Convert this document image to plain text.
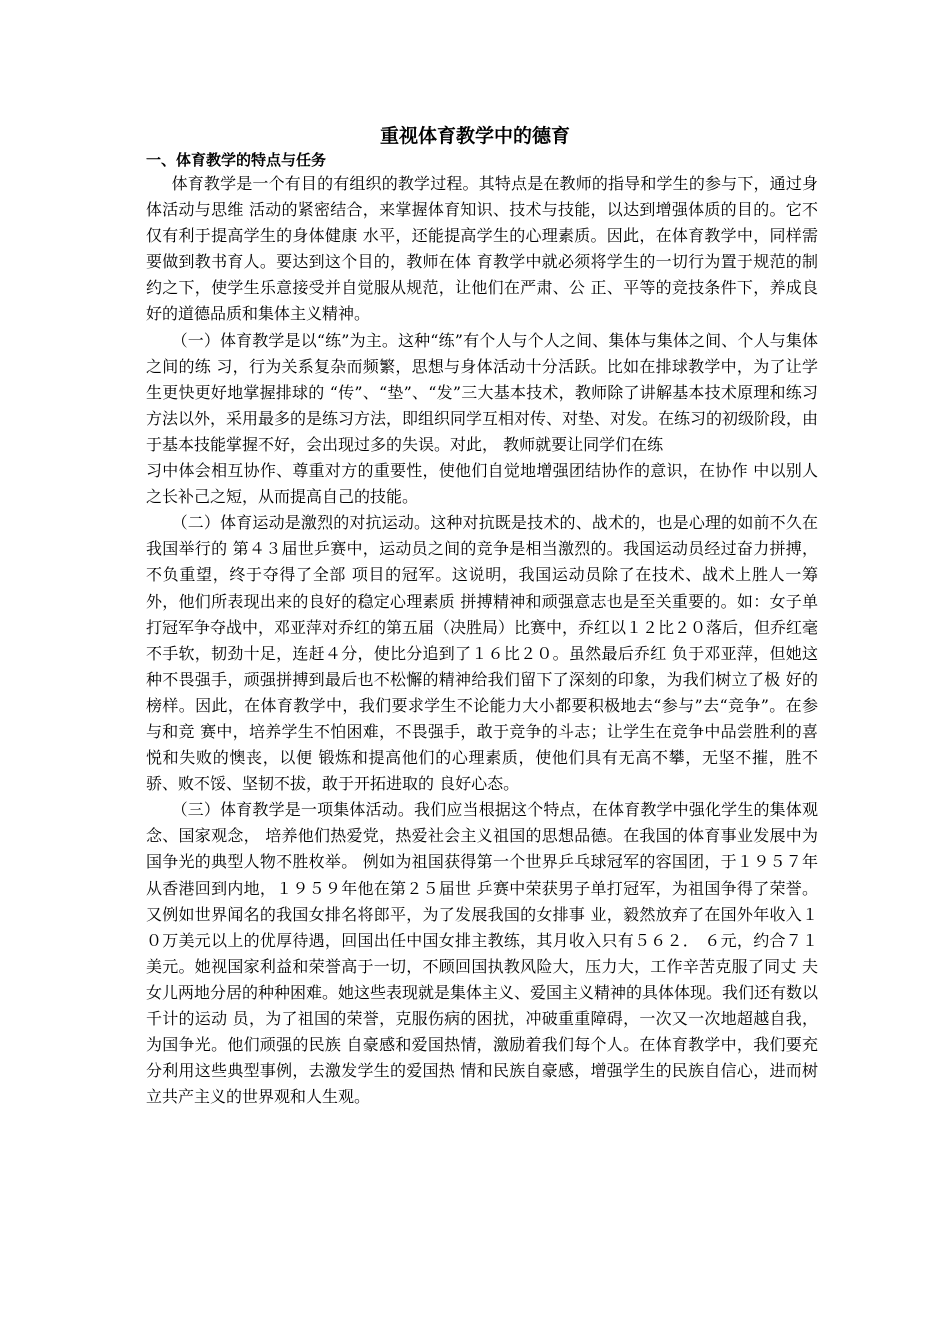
重视体育教学中的德育
一、体育教学的特点与任务

体育教学是一个有目的有组织的教学过程。其特点是在教师的指导和学生的参与下，通过身体活动与思维 活动的紧密结合，来掌握体育知识、技术与技能，以达到增强体质的目的。它不仅有利于提高学生的身体健康 水平，还能提高学生的心理素质。因此，在体育教学中，同样需要做到教书育人。要达到这个目的，教师在体 育教学中就必须将学生的一切行为置于规范的制约之下，使学生乐意接受并自觉服从规范，让他们在严肃、公 正、平等的竞技条件下，养成良好的道德品质和集体主义精神。

（一）体育教学是以“练”为主。这种“练”有个人与个人之间、集体与集体之间、个人与集体之间的练 习，行为关系复杂而频繁，思想与身体活动十分活跃。比如在排球教学中，为了让学生更快更好地掌握排球的 “传”、“垫”、“发”三大基本技术，教师除了讲解基本技术原理和练习方法以外，采用最多的是练习方法，即组织同学互相对传、对垫、对发。在练习的初级阶段，由于基本技能掌握不好，会出现过多的失误。对此， 教师就要让同学们在练

习中体会相互协作、尊重对方的重要性，使他们自觉地增强团结协作的意识，在协作 中以别人之长补己之短，从而提高自己的技能。

（二）体育运动是激烈的对抗运动。这种对抗既是技术的、战术的，也是心理的如前不久在我国举行的 第４３届世乒赛中，运动员之间的竞争是相当激烈的。我国运动员经过奋力拼搏，不负重望，终于夺得了全部 项目的冠军。这说明，我国运动员除了在技术、战术上胜人一筹外，他们所表现出来的良好的稳定心理素质 拼搏精神和顽强意志也是至关重要的。如：女子单打冠军争夺战中，邓亚萍对乔红的第五届（决胜局）比赛中，乔红以１２比２０落后，但乔红毫不手软，韧劲十足，连赶４分，使比分追到了１６比２０。虽然最后乔红 负于邓亚萍，但她这种不畏强手，顽强拼搏到最后也不松懈的精神给我们留下了深刻的印象，为我们树立了极 好的榜样。因此，在体育教学中，我们要求学生不论能力大小都要积极地去“参与”去“竞争”。在参与和竞 赛中，培养学生不怕困难，不畏强手，敢于竞争的斗志；让学生在竞争中品尝胜利的喜悦和失败的懊丧，以便 锻炼和提高他们的心理素质，使他们具有无高不攀，无坚不摧，胜不骄、败不馁、坚韧不拔，敢于开拓进取的 良好心态。

（三）体育教学是一项集体活动。我们应当根据这个特点，在体育教学中强化学生的集体观念、国家观念， 培养他们热爱党，热爱社会主义祖国的思想品德。在我国的体育事业发展中为国争光的典型人物不胜枚举。 例如为祖国获得第一个世界乒乓球冠军的容国团，于１９５７年从香港回到内地，１９５９年他在第２５届世 乒赛中荣获男子单打冠军，为祖国争得了荣誉。又例如世界闻名的我国女排名将郎平，为了发展我国的女排事 业，毅然放弃了在国外年收入１０万美元以上的优厚待遇，回国出任中国女排主教练，其月收入只有５６２． ６元，约合７１美元。她视国家利益和荣誉高于一切，不顾回国执教风险大，压力大，工作辛苦克服了同丈 夫女儿两地分居的种种困难。她这些表现就是集体主义、爱国主义精神的具体体现。我们还有数以千计的运动 员，为了祖国的荣誉，克服伤病的困扰，冲破重重障碍，一次又一次地超越自我，为国争光。他们顽强的民族 自豪感和爱国热情，激励着我们每个人。在体育教学中，我们要充分利用这些典型事例，去激发学生的爱国热 情和民族自豪感，增强学生的民族自信心，进而树立共产主义的世界观和人生观。
